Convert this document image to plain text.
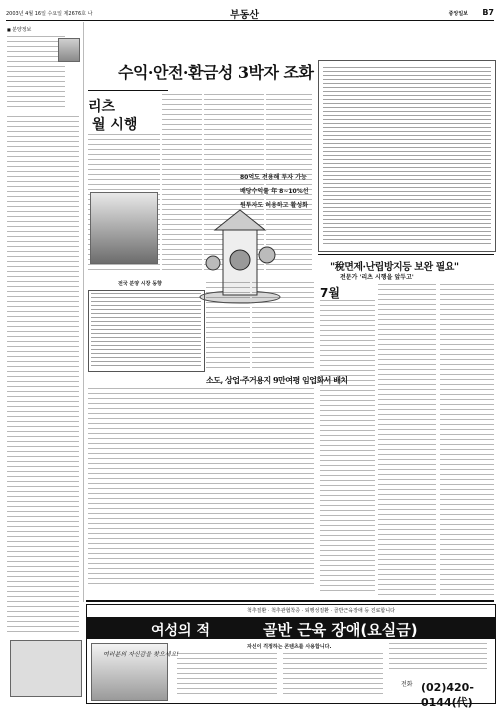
2003년 4월 16일 수요일 제2676호 나	부동산	중앙일보 B7
■ 분양정보
수익·안전·환금성 3박자 조화
리츠
월 시행
80억도 전용해 투자 가능
배당수익률 年 8~10%선
원투자도 허용하고 활성화
"稅면제·난립방지등 보완 필요"
전문가 '리츠 시행을 앞두고'
7월
전국 분양 시장 동향
소도, 상업·주거용지 9만여평 임업화서 배치
척추질환 · 척추관협착증 · 퇴행성질환 · 골반근육장애 등 진료합니다
여성의 적	골반 근육 장애(요실금)
여러분의 자신감을 찾으세요!
자신이 걱정하는 콘텐츠를 사용합니다.
전화 (02)420-0144(代)
